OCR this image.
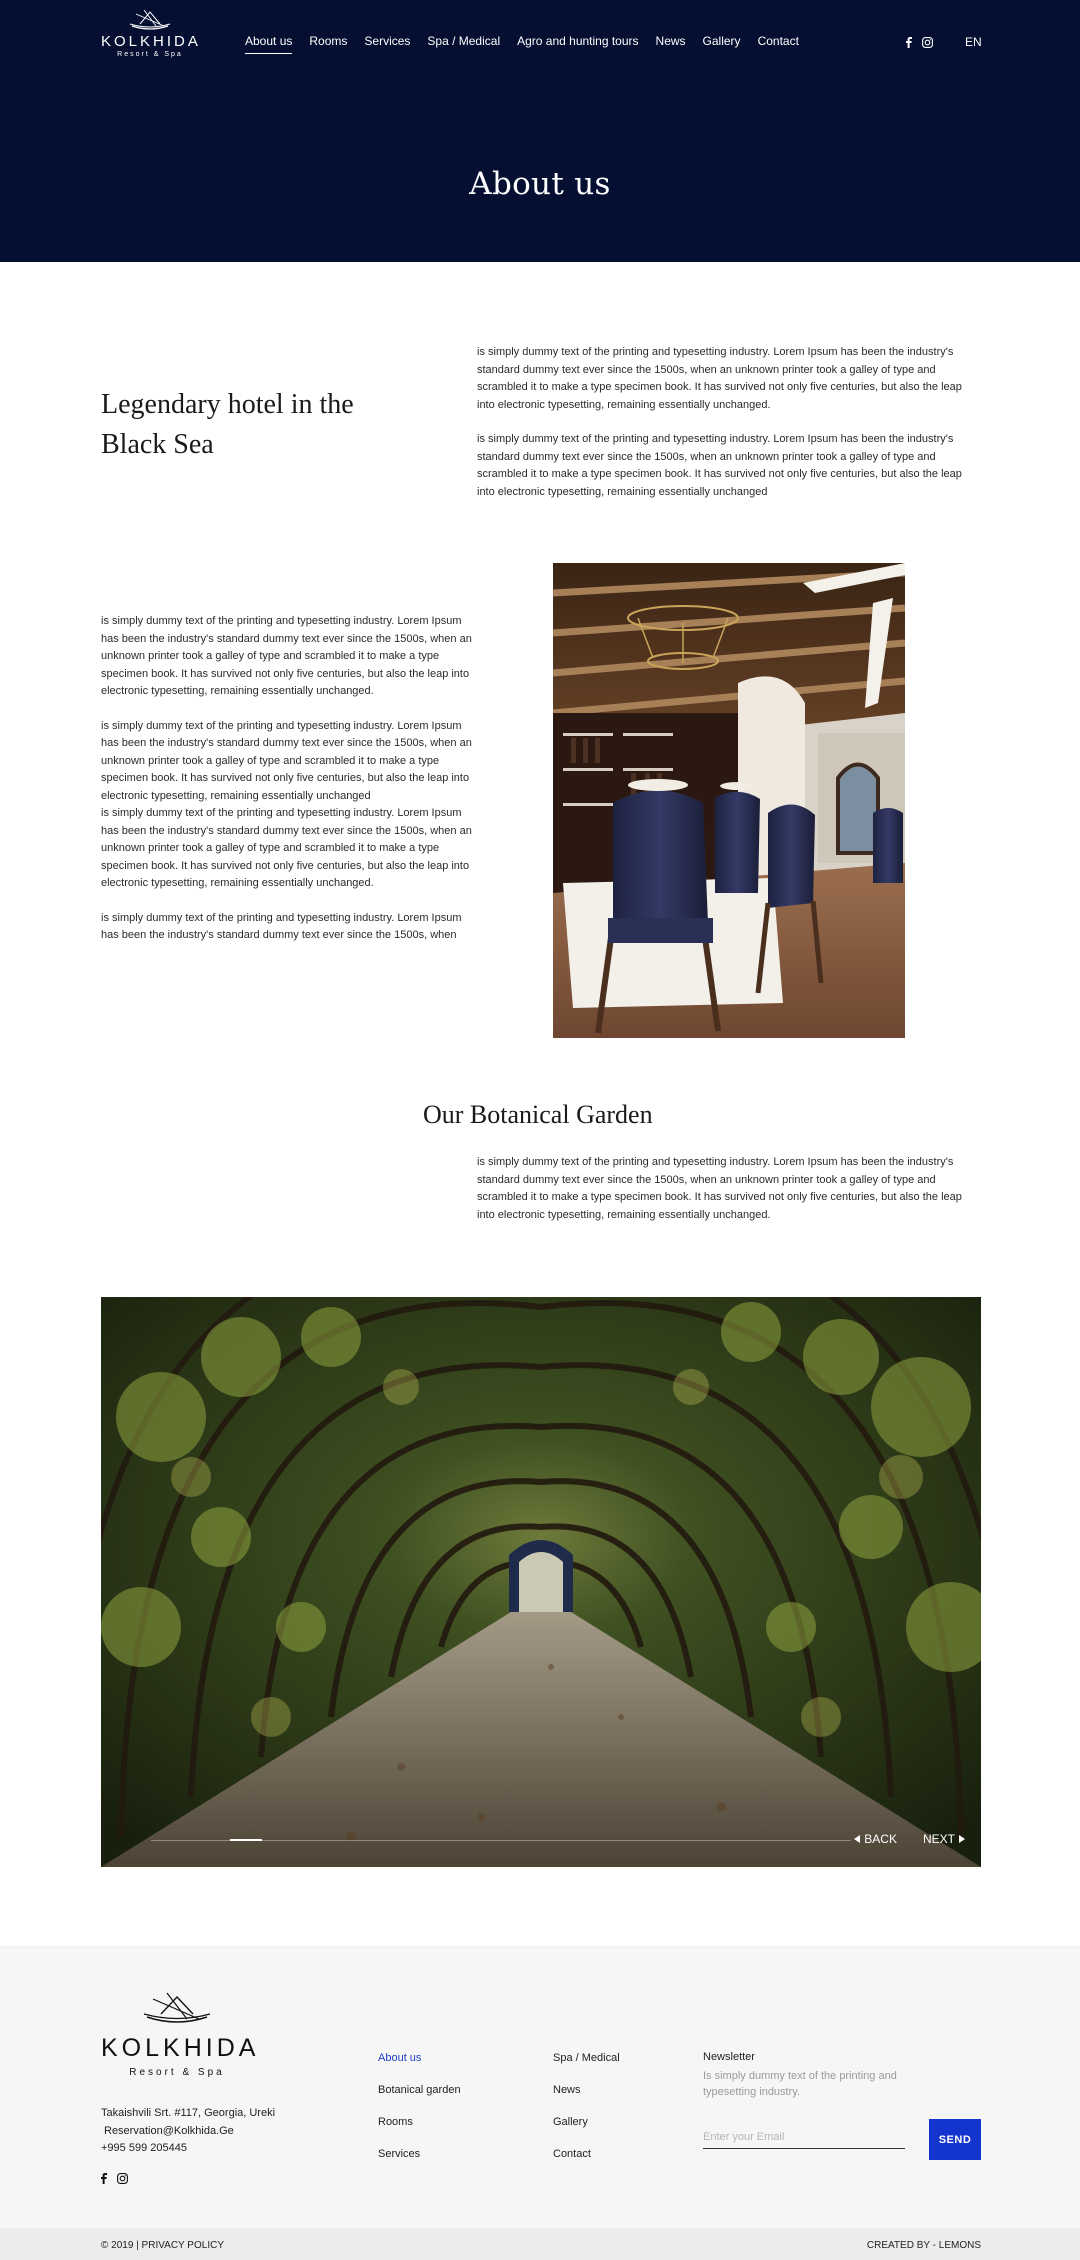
KOLKHIDA
Resort & Spa
About us Rooms Services Spa / Medical Agro and hunting tours News Gallery Contact	EN
About us
Legendary hotel in the Black Sea

is simply dummy text of the printing and typesetting industry. Lorem Ipsum has been the industry's standard dummy text ever since the 1500s, when an unknown printer took a galley of type and scrambled it to make a type specimen book. It has survived not only five centuries, but also the leap into electronic typesetting, remaining essentially unchanged.

is simply dummy text of the printing and typesetting industry. Lorem Ipsum has been the industry's standard dummy text ever since the 1500s, when an unknown printer took a galley of type and scrambled it to make a type specimen book. It has survived not only five centuries, but also the leap into electronic typesetting, remaining essentially unchanged

is simply dummy text of the printing and typesetting industry. Lorem Ipsum has been the industry's standard dummy text ever since the 1500s, when an unknown printer took a galley of type and scrambled it to make a type specimen book. It has survived not only five centuries, but also the leap into electronic typesetting, remaining essentially unchanged.

is simply dummy text of the printing and typesetting industry. Lorem Ipsum has been the industry's standard dummy text ever since the 1500s, when an unknown printer took a galley of type and scrambled it to make a type specimen book. It has survived not only five centuries, but also the leap into electronic typesetting, remaining essentially unchanged

is simply dummy text of the printing and typesetting industry. Lorem Ipsum has been the industry's standard dummy text ever since the 1500s, when an unknown printer took a galley of type and scrambled it to make a type specimen book. It has survived not only five centuries, but also the leap into electronic typesetting, remaining essentially unchanged.

is simply dummy text of the printing and typesetting industry. Lorem Ipsum has been the industry's standard dummy text ever since the 1500s, when

Our Botanical Garden

is simply dummy text of the printing and typesetting industry. Lorem Ipsum has been the industry's standard dummy text ever since the 1500s, when an unknown printer took a galley of type and scrambled it to make a type specimen book. It has survived not only five centuries, but also the leap into electronic typesetting, remaining essentially unchanged.

BACK NEXT
KOLKHIDA
Resort & Spa
Takaishvili Srt. #117, Georgia, Ureki
Reservation@Kolkhida.Ge
+995 599 205445
About us
Botanical garden
Rooms
Services
Spa / Medical
News
Gallery
Contact
Newsletter
Is simply dummy text of the printing and typesetting industry.
Enter your Email
SEND
© 2019 | PRIVACY POLICY	CREATED BY - LEMONS
